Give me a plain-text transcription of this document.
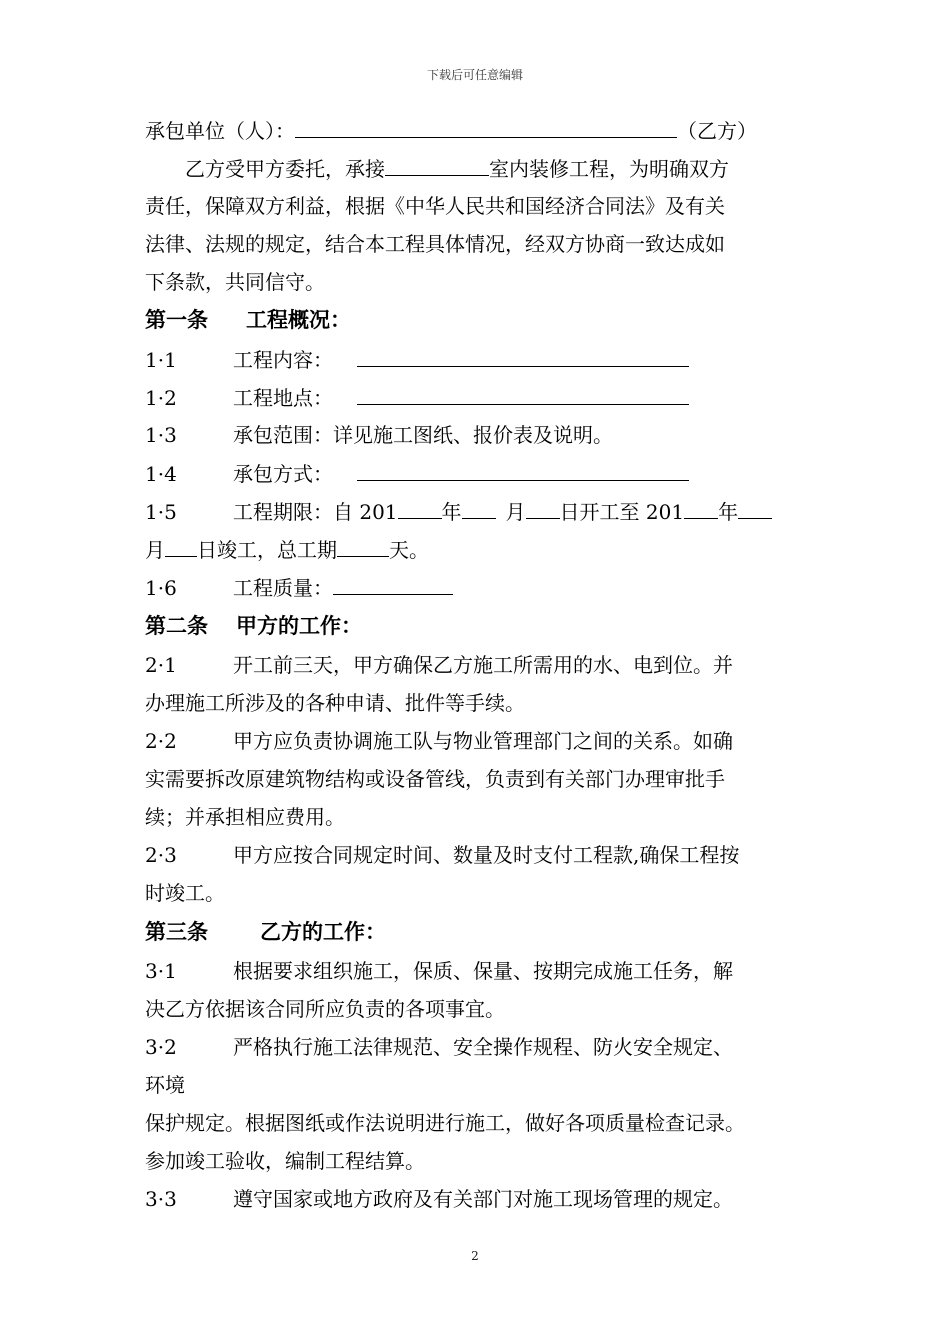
下载后可任意编辑
承包单位（人）：	（乙方）
乙方受甲方委托，承接	室内装修工程，为明确双方
责任，保障双方利益，根据《中华人民共和国经济合同法》及有关
法律、法规的规定，结合本工程具体情况，经双方协商一致达成如
下条款，共同信守。
第一条 工程概况：
1·1	工程内容：
1·2	工程地点：
1·3	承包范围：详见施工图纸、报价表及说明。
1·4	承包方式：
1·5	工程期限：自 201 年 月 日开工至 201 年
月 日竣工，总工期	天。
1·6	工程质量：
第二条 甲方的工作：
2·1	开工前三天，甲方确保乙方施工所需用的水、电到位。并
办理施工所涉及的各种申请、批件等手续。
2·2	甲方应负责协调施工队与物业管理部门之间的关系。如确
实需要拆改原建筑物结构或设备管线，负责到有关部门办理审批手
续；并承担相应费用。
2·3	甲方应按合同规定时间、数量及时支付工程款,确保工程按
时竣工。
第三条 乙方的工作：
3·1	根据要求组织施工，保质、保量、按期完成施工任务，解
决乙方依据该合同所应负责的各项事宜。
3·2	严格执行施工法律规范、安全操作规程、防火安全规定、
环境
保护规定。根据图纸或作法说明进行施工，做好各项质量检查记录。
参加竣工验收，编制工程结算。
3·3	遵守国家或地方政府及有关部门对施工现场管理的规定。
2
